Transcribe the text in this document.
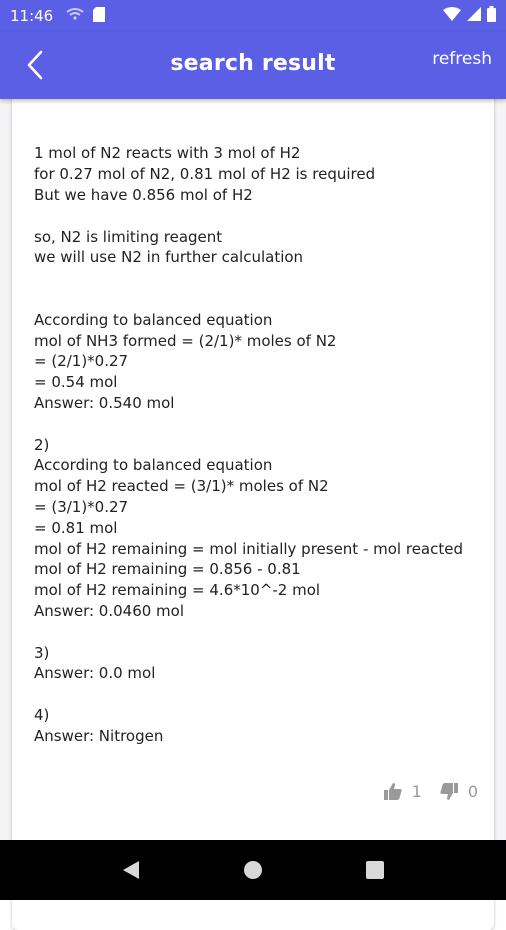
11:46
search result	refresh
1 mol of N2 reacts with 3 mol of H2
for 0.27 mol of N2, 0.81 mol of H2 is required
But we have 0.856 mol of H2
so, N2 is limiting reagent
we will use N2 in further calculation
According to balanced equation
mol of NH3 formed = (2/1)* moles of N2
= (2/1)*0.27
= 0.54 mol
Answer: 0.540 mol
2)
According to balanced equation
mol of H2 reacted = (3/1)* moles of N2
= (3/1)*0.27
= 0.81 mol
mol of H2 remaining = mol initially present - mol reacted
mol of H2 remaining = 0.856 - 0.81
mol of H2 remaining = 4.6*10^-2 mol
Answer: 0.0460 mol
3)
Answer: 0.0 mol
4)
Answer: Nitrogen
1	0
